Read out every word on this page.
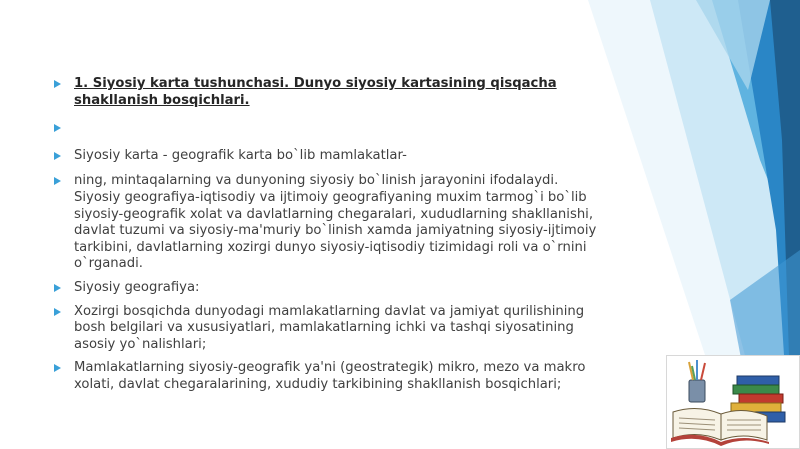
1. Siyosiy karta tushunchasi. Dunyo siyosiy kartasining qisqacha shakllanish bosqichlari.
Siyosiy karta - geografik karta bo`lib mamlakatlar-
ning, mintaqalarning va dunyoning siyosiy bo`linish jarayonini ifodalaydi. Siyosiy geografiya-iqtisodiy va ijtimoiy geografiyaning muxim tarmog`i bo`lib siyosiy-geografik xolat va davlatlarning chegaralari, xududlarning shakllanishi, davlat tuzumi va siyosiy-ma'muriy bo`linish xamda jamiyatning siyosiy-ijtimoiy tarkibini, davlatlarning xozirgi dunyo siyosiy-iqtisodiy tizimidagi roli va o`rnini o`rganadi.
Siyosiy geografiya:
Xozirgi bosqichda dunyodagi mamlakatlarning davlat va jamiyat qurilishining bosh belgilari va xususiyatlari, mamlakatlarning ichki va tashqi siyosatining asosiy yo`nalishlari;
Mamlakatlarning siyosiy-geografik ya'ni (geostrategik) mikro, mezo va makro xolati, davlat chegaralarining, xududiy tarkibining shakllanish bosqichlari;
